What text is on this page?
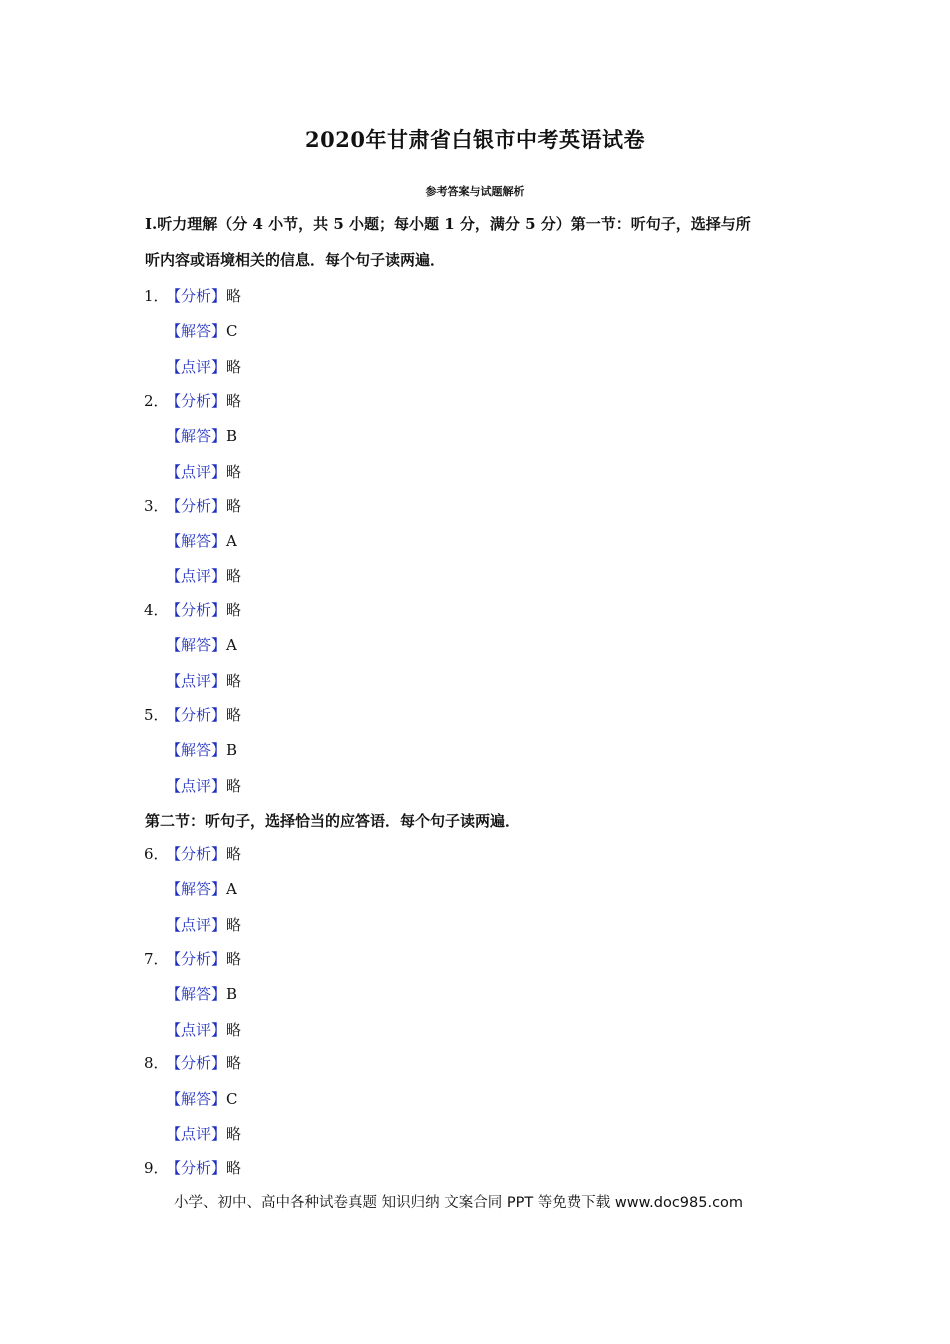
2020年甘肃省白银市中考英语试卷
参考答案与试题解析
Ⅰ.听力理解（分 4 小节，共 5 小题；每小题 1 分，满分 5 分）第一节：听句子，选择与所
听内容或语境相关的信息．每个句子读两遍．
1．【分析】略
【解答】C
【点评】略
2．【分析】略
【解答】B
【点评】略
3．【分析】略
【解答】A
【点评】略
4．【分析】略
【解答】A
【点评】略
5．【分析】略
【解答】B
【点评】略
第二节：听句子，选择恰当的应答语．每个句子读两遍．
6．【分析】略
【解答】A
【点评】略
7．【分析】略
【解答】B
【点评】略
8．【分析】略
【解答】C
【点评】略
9．【分析】略
小学、初中、高中各种试卷真题 知识归纳 文案合同 PPT 等免费下载 www.doc985.com
